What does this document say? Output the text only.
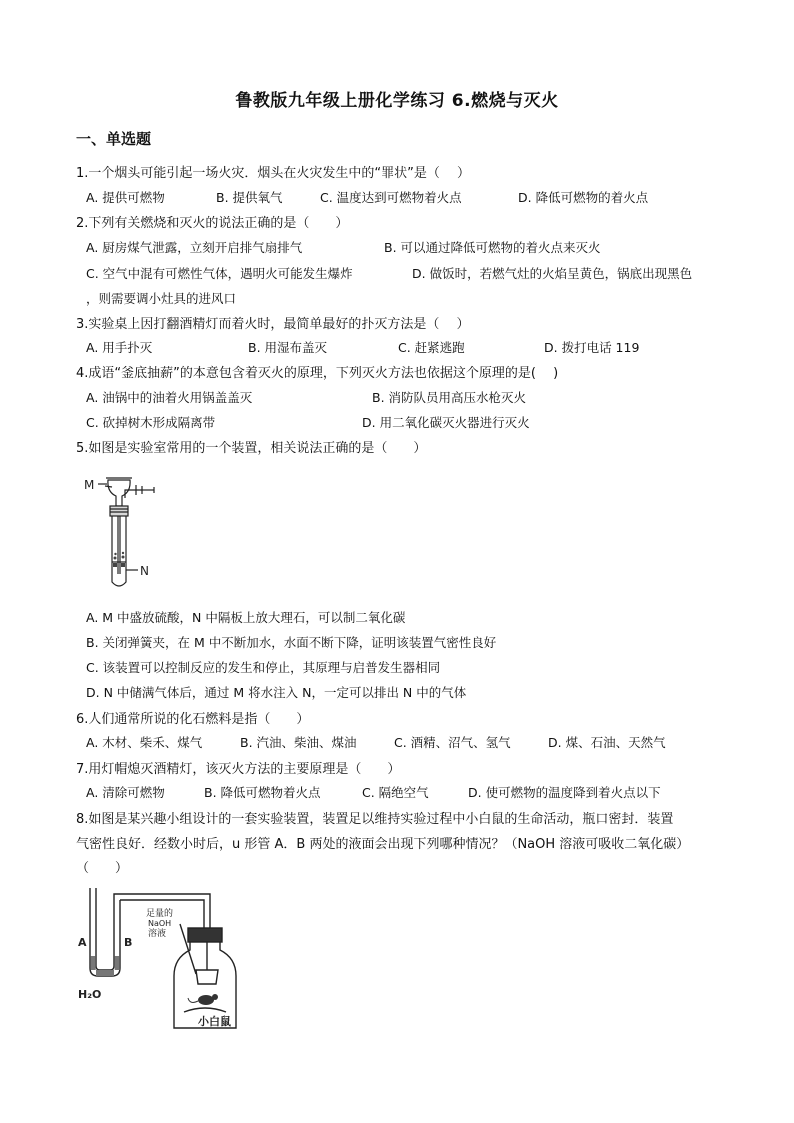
鲁教版九年级上册化学练习 6.燃烧与灭火
一、单选题
1.一个烟头可能引起一场火灾．烟头在火灾发生中的“罪状”是（　 ）
A. 提供可燃物	B. 提供氧气	C. 温度达到可燃物着火点	D. 降低可燃物的着火点
2.下列有关燃烧和灭火的说法正确的是（　　）
A. 厨房煤气泄露，立刻开启排气扇排气	B. 可以通过降低可燃物的着火点来灭火
C. 空气中混有可燃性气体，遇明火可能发生爆炸	D. 做饭时，若燃气灶的火焰呈黄色，锅底出现黑色
，则需要调小灶具的进风口
3.实验桌上因打翻酒精灯而着火时，最简单最好的扑灭方法是（　 ）
A. 用手扑灭	B. 用湿布盖灭	C. 赶紧逃跑	D. 拨打电话 119
4.成语“釜底抽薪”的本意包含着灭火的原理，下列灭火方法也依据这个原理的是(　 )
A. 油锅中的油着火用锅盖盖灭	B. 消防队员用高压水枪灭火
C. 砍掉树木形成隔离带	D. 用二氧化碳灭火器进行灭火
5.如图是实验室常用的一个装置，相关说法正确的是（　　）
M
N
A. M 中盛放硫酸，N 中隔板上放大理石，可以制二氧化碳
B. 关闭弹簧夹，在 M 中不断加水，水面不断下降，证明该装置气密性良好
C. 该装置可以控制反应的发生和停止，其原理与启普发生器相同
D. N 中储满气体后，通过 M 将水注入 N，一定可以排出 N 中的气体
6.人们通常所说的化石燃料是指（　　）
A. 木材、柴禾、煤气	B. 汽油、柴油、煤油	C. 酒精、沼气、氢气	D. 煤、石油、天然气
7.用灯帽熄灭酒精灯，该灭火方法的主要原理是（　　）
A. 清除可燃物	B. 降低可燃物着火点	C. 隔绝空气	D. 使可燃物的温度降到着火点以下
8.如图是某兴趣小组设计的一套实验装置，装置足以维持实验过程中小白鼠的生命活动，瓶口密封．装置
气密性良好．经数小时后，u 形管 A．B 两处的液面会出现下列哪种情况？（NaOH 溶液可吸收二氧化碳）
（　　）
A	B
H₂O
足量的
NaOH
溶液
小白鼠
